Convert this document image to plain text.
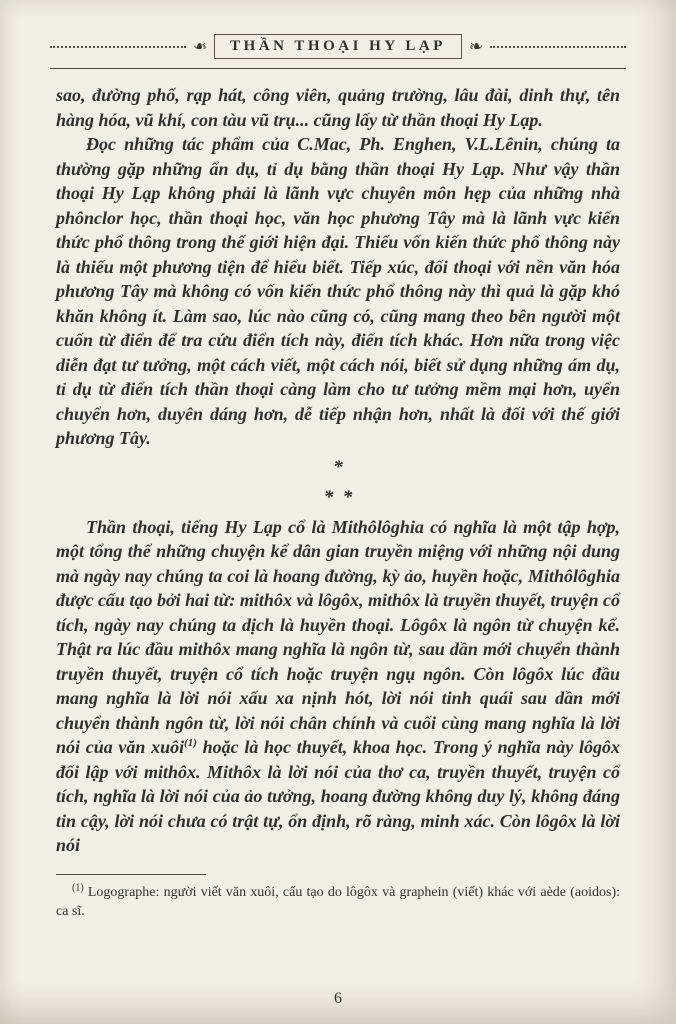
❧	THẦN THOẠI HY LẠP	❧

sao, đường phố, rạp hát, công viên, quảng trường, lâu đài, dinh thự, tên hàng hóa, vũ khí, con tàu vũ trụ... cũng lấy từ thần thoại Hy Lạp.

Đọc những tác phẩm của C.Mac, Ph. Enghen, V.L.Lênin, chúng ta thường gặp những ẩn dụ, tỉ dụ bằng thần thoại Hy Lạp. Như vậy thần thoại Hy Lạp không phải là lãnh vực chuyên môn hẹp của những nhà phônclor học, thần thoại học, văn học phương Tây mà là lãnh vực kiến thức phổ thông trong thế giới hiện đại. Thiếu vốn kiến thức phổ thông này là thiếu một phương tiện để hiểu biết. Tiếp xúc, đối thoại với nền văn hóa phương Tây mà không có vốn kiến thức phổ thông này thì quả là gặp khó khăn không ít. Làm sao, lúc nào cũng có, cũng mang theo bên người một cuốn từ điển để tra cứu điển tích này, điển tích khác. Hơn nữa trong việc diễn đạt tư tưởng, một cách viết, một cách nói, biết sử dụng những ám dụ, tỉ dụ từ điển tích thần thoại càng làm cho tư tưởng mềm mại hơn, uyển chuyển hơn, duyên dáng hơn, dễ tiếp nhận hơn, nhất là đối với thế giới phương Tây.

*
*  *

Thần thoại, tiếng Hy Lạp cổ là Mithôlôghia có nghĩa là một tập hợp, một tổng thể những chuyện kể dân gian truyền miệng với những nội dung mà ngày nay chúng ta coi là hoang đường, kỳ ảo, huyền hoặc, Mithôlôghia được cấu tạo bởi hai từ: mithôx và lôgôx, mithôx là truyền thuyết, truyện cổ tích, ngày nay chúng ta dịch là huyền thoại. Lôgôx là ngôn từ chuyện kể. Thật ra lúc đầu mithôx mang nghĩa là ngôn từ, sau dần mới chuyển thành truyền thuyết, truyện cổ tích hoặc truyện ngụ ngôn. Còn lôgôx lúc đầu mang nghĩa là lời nói xấu xa nịnh hót, lời nói tinh quái sau dần mới chuyển thành ngôn từ, lời nói chân chính và cuối cùng mang nghĩa là lời nói của văn xuôi$^{(1)}$ hoặc là học thuyết, khoa học. Trong ý nghĩa này lôgôx đối lập với mithôx. Mithôx là lời nói của thơ ca, truyền thuyết, truyện cổ tích, nghĩa là lời nói của ảo tưởng, hoang đường không duy lý, không đáng tin cậy, lời nói chưa có trật tự, ổn định, rõ ràng, minh xác. Còn lôgôx là lời nói

$^{(1)}$ Logographe: người viết văn xuôi, cấu tạo do lôgôx và graphein (viết) khác với aède (aoidos): ca sĩ.

6
